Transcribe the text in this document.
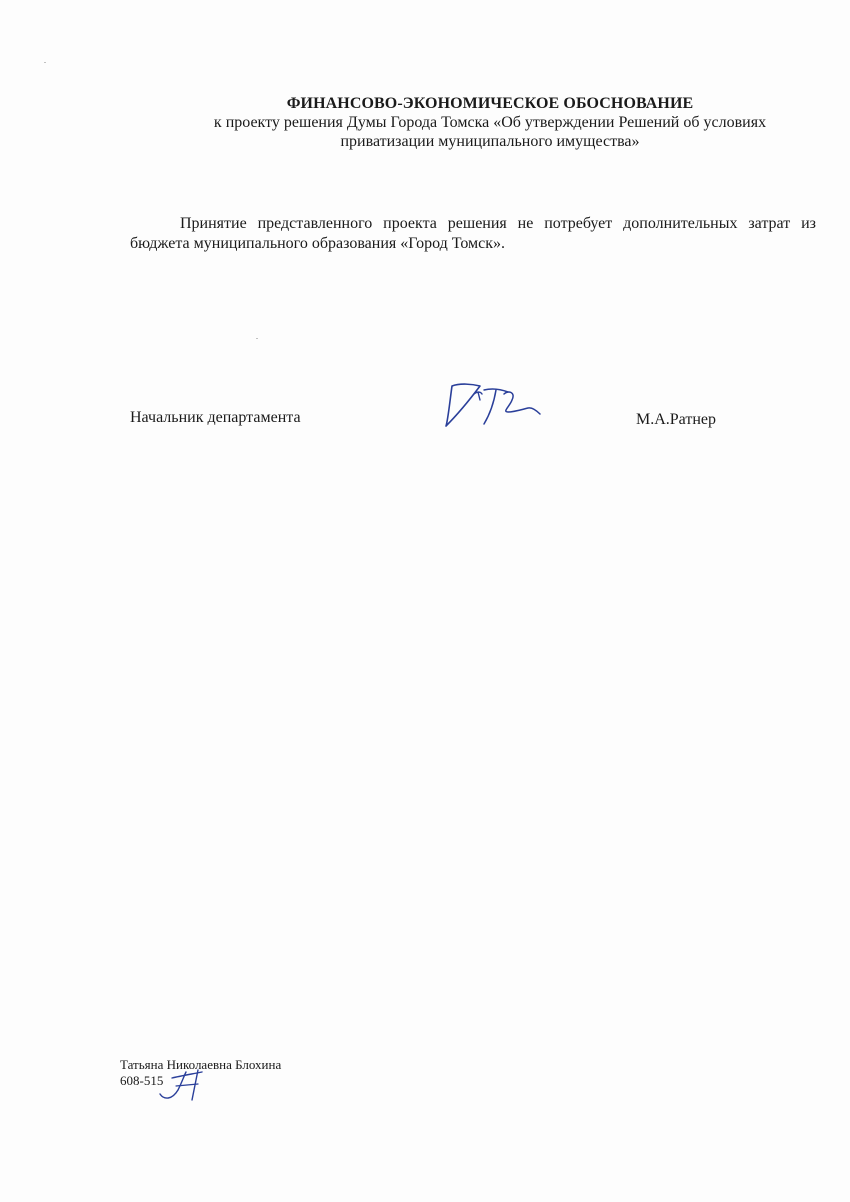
ФИНАНСОВО-ЭКОНОМИЧЕСКОЕ ОБОСНОВАНИЕ
к проекту решения Думы Города Томска «Об утверждении Решений об условиях
приватизации муниципального имущества»
Принятие представленного проекта решения не потребует дополнительных затрат из бюджета муниципального образования «Город Томск».
Начальник департамента	М.А.Ратнер
Татьяна Николаевна Блохина
608-515
